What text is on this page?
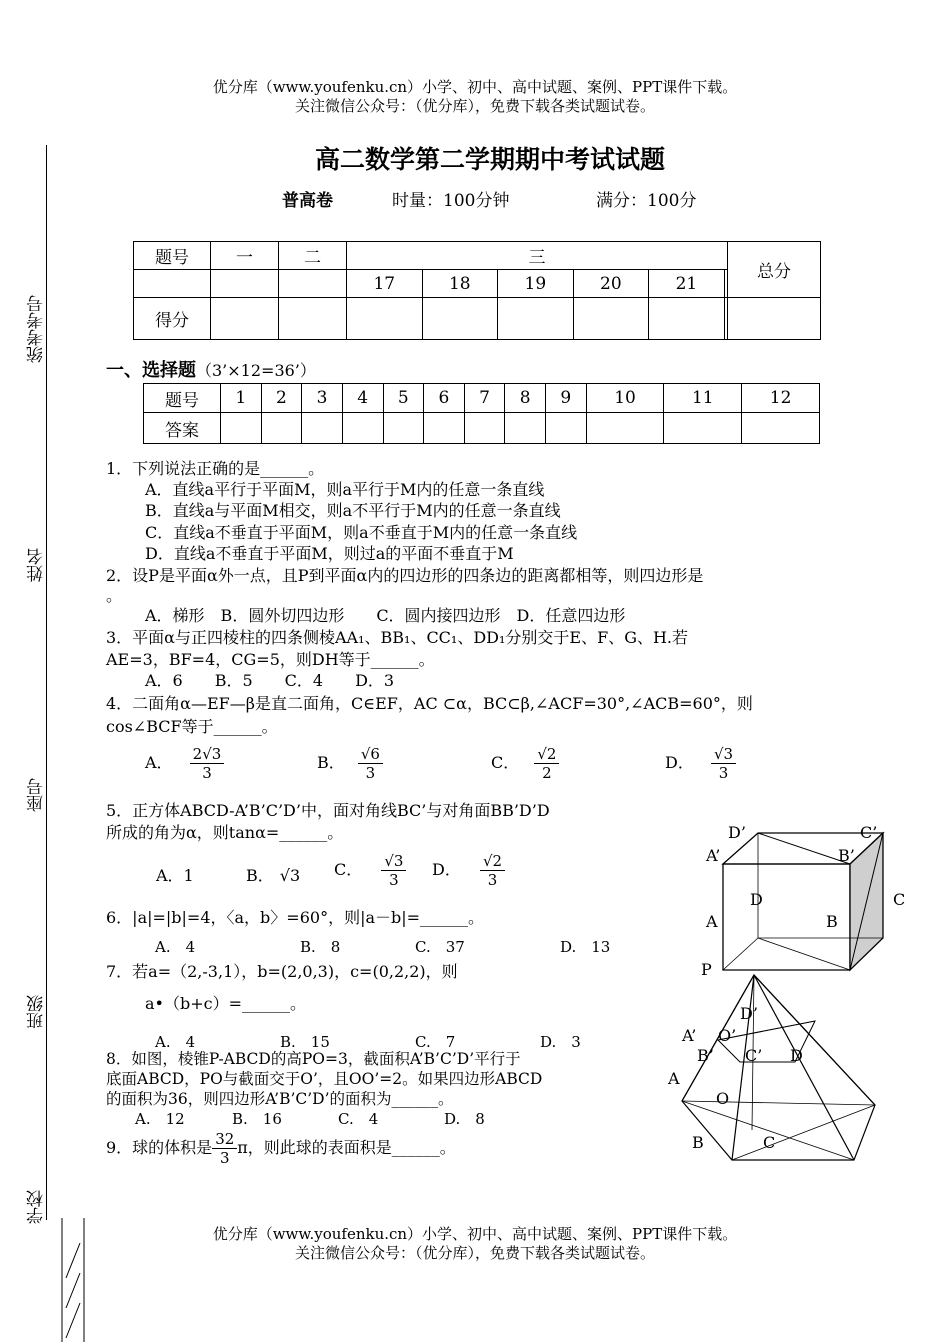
优分库（www.youfenku.cn）小学、初中、高中试题、案例、PPT课件下载。
关注微信公众号：（优分库），免费下载各类试题试卷。
高二数学第二学期期中考试试题
普高卷	时量：100分钟	满分：100分
统考考号
姓名
座号
班级
学校
题号	一	二	三						总分
			17	18	19	20	21		
得分									
一、选择题（3’×12=36’）
题号	1	2	3	4	5	6	7	8	9	10	11	12
答案												
1．下列说法正确的是______。
A．直线a平行于平面M，则a平行于M内的任意一条直线
B．直线a与平面M相交，则a不平行于M内的任意一条直线
C．直线a不垂直于平面M，则a不垂直于M内的任意一条直线
D．直线a不垂直于平面M，则过a的平面不垂直于M
2．设P是平面α外一点，且P到平面α内的四边形的四条边的距离都相等，则四边形是
。
A．梯形　B．圆外切四边形　　C．圆内接四边形　D．任意四边形
3．平面α与正四棱柱的四条侧棱AA₁、BB₁、CC₁、DD₁分别交于E、F、G、H.若
AE=3，BF=4，CG=5，则DH等于______。
A．6　　B．5　　C．4　　D．3
4．二面角α—EF—β是直二面角，C∈EF，AC ⊂α，BC⊂β,∠ACF=30°,∠ACB=60°，则
cos∠BCF等于______。
A． $\frac{2√3}{3}$	B． $\frac{√6}{3}$	C． $\frac{√2}{2}$	D． $\frac{√3}{3}$
5．正方体ABCD-A’B’C’D’中，面对角线BC’与对角面BB’D’D
所成的角为α，则tanα=______。
A．1	B． √3 C． $\frac{√3}{3}$ D． $\frac{√2}{3}$
6．|a|=|b|=4，〈a，b〉=60°，则|a－b|=______。
A.　4	B.　8	C.　37	D.　13
7．若a=（2,-3,1），b=(2,0,3)，c=(0,2,2)，则
a•（b+c）=______。
A.　4	B.　15	C.　7	D.　3
8．如图，棱锥P-ABCD的高PO=3，截面积A’B’C’D’平行于
底面ABCD，PO与截面交于O’，且OO’=2。如果四边形ABCD
的面积为36，则四边形A’B’C’D’的面积为______。
A.　12	B.　16	C.　4	D.　8
9．球的体积是 $\frac{32}{3}$ π，则此球的表面积是______。
D’	C’
A’	B’
D	C
A	B
P
D’
A’ O’
B’ C’ D
A
O
B	C
优分库（www.youfenku.cn）小学、初中、高中试题、案例、PPT课件下载。
关注微信公众号：（优分库），免费下载各类试题试卷。
